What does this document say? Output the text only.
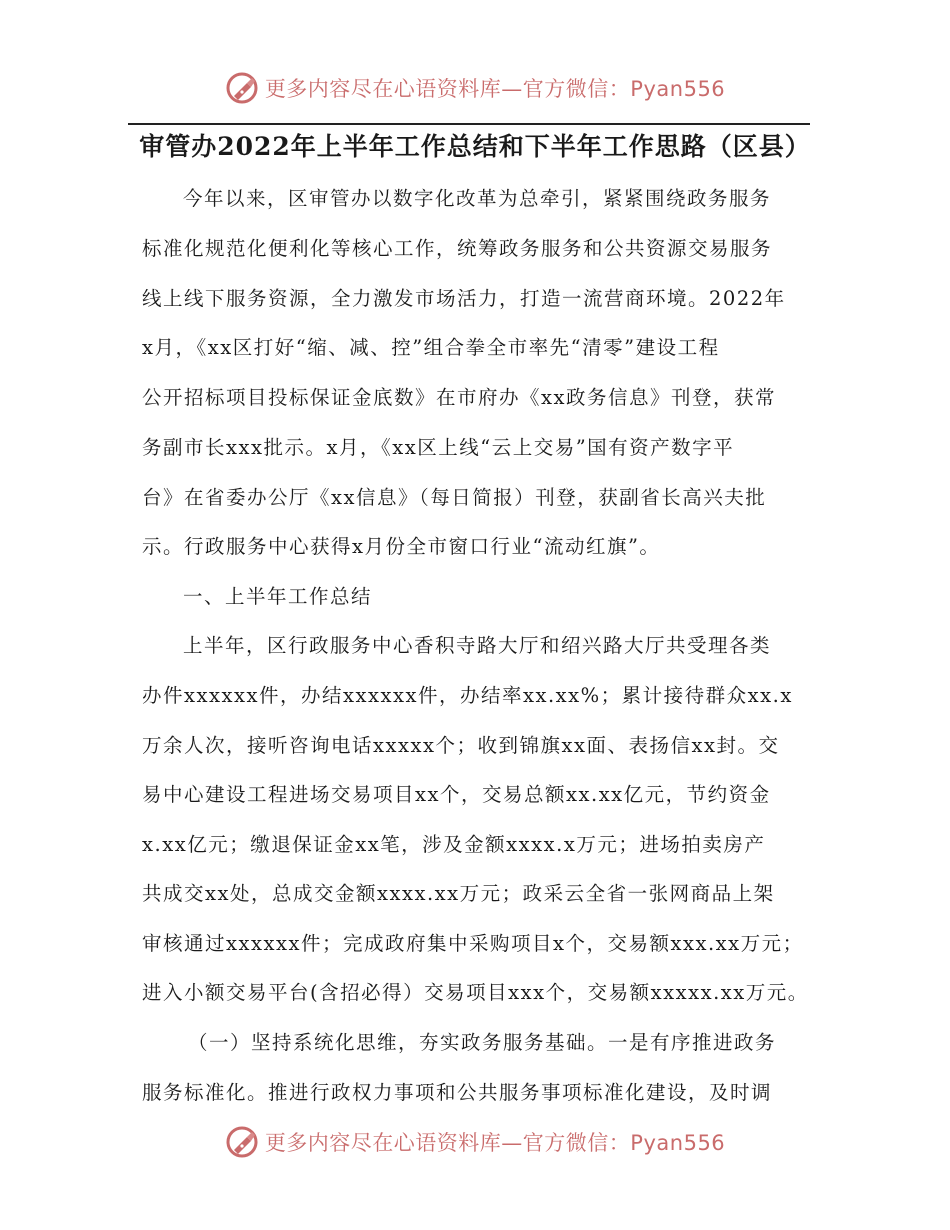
更多内容尽在心语资料库—官方微信：Pyan556
审管办2022年上半年工作总结和下半年工作思路（区县）
今年以来，区审管办以数字化改革为总牵引，紧紧围绕政务服务
标准化规范化便利化等核心工作，统筹政务服务和公共资源交易服务
线上线下服务资源，全力激发市场活力，打造一流营商环境。2022年
x月，《xx区打好“缩、减、控”组合拳全市率先“清零”建设工程
公开招标项目投标保证金底数》在市府办《xx政务信息》刊登，获常
务副市长xxx批示。x月，《xx区上线“云上交易”国有资产数字平
台》在省委办公厅《xx信息》（每日简报）刊登，获副省长高兴夫批
示。行政服务中心获得x月份全市窗口行业“流动红旗”。
一、上半年工作总结
上半年，区行政服务中心香积寺路大厅和绍兴路大厅共受理各类
办件xxxxxx件，办结xxxxxx件，办结率xx.xx%；累计接待群众xx.x
万余人次，接听咨询电话xxxxx个；收到锦旗xx面、表扬信xx封。交
易中心建设工程进场交易项目xx个，交易总额xx.xx亿元，节约资金
x.xx亿元；缴退保证金xx笔，涉及金额xxxx.x万元；进场拍卖房产
共成交xx处，总成交金额xxxx.xx万元；政采云全省一张网商品上架
审核通过xxxxxx件；完成政府集中采购项目x个，交易额xxx.xx万元；
进入小额交易平台(含招必得）交易项目xxx个，交易额xxxxx.xx万元。
（一）坚持系统化思维，夯实政务服务基础。一是有序推进政务
服务标准化。推进行政权力事项和公共服务事项标准化建设，及时调
更多内容尽在心语资料库—官方微信：Pyan556
